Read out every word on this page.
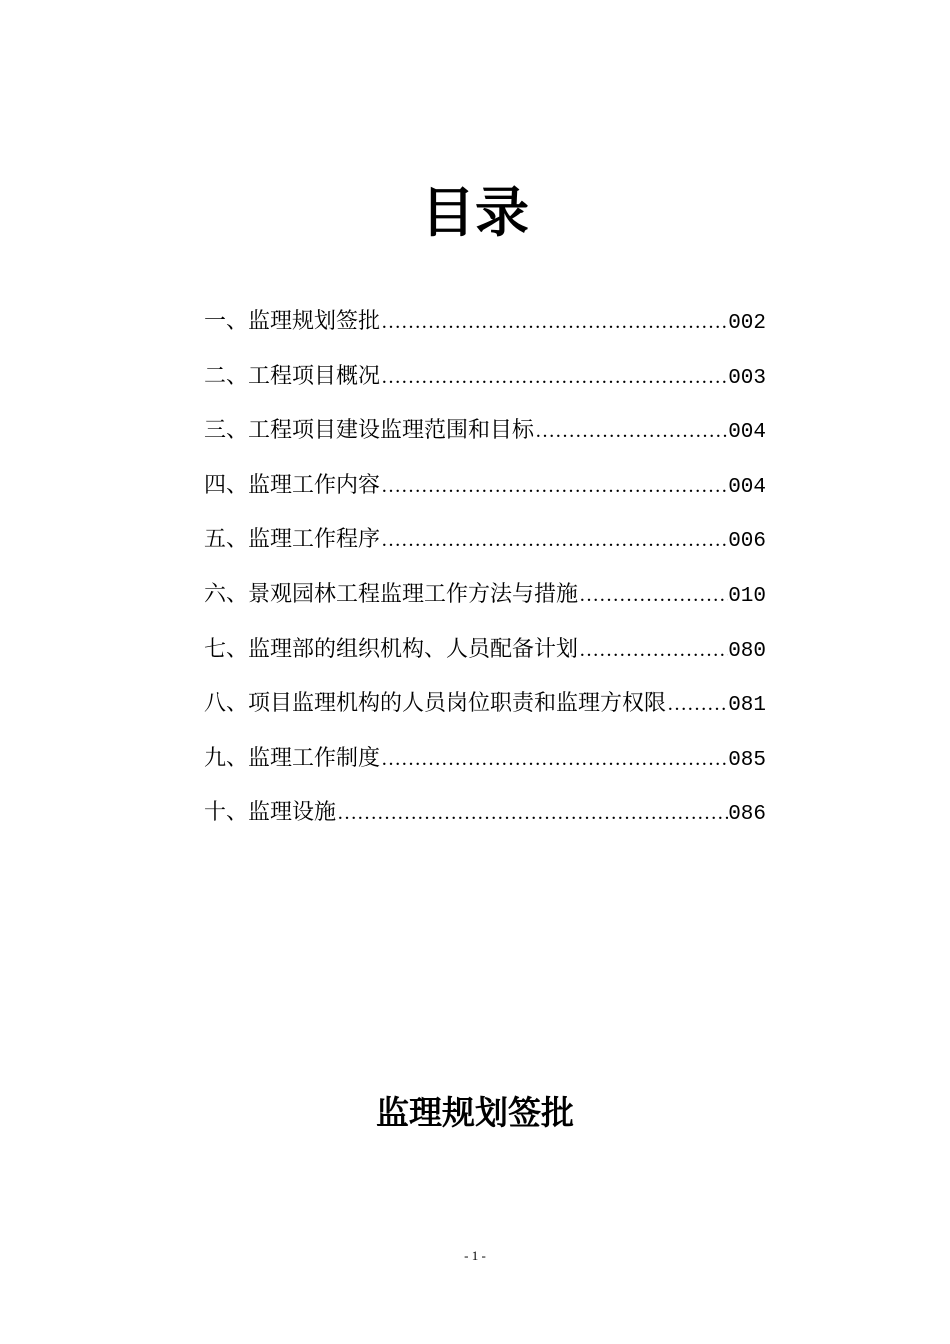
目录
一、 监理规划签批 …………………………………………………………………………………………………………………………	002
二、 工程项目概况 …………………………………………………………………………………………………………………………	003
三、 工程项目建设监理范围和目标 …………………………………………………………………………………………………………………………	004
四、 监理工作内容 …………………………………………………………………………………………………………………………	004
五、 监理工作程序 …………………………………………………………………………………………………………………………	006
六、 景观园林工程监理工作方法与措施 …………………………………………………………………………………………………………………………	010
七、 监理部的组织机构、人员配备计划 …………………………………………………………………………………………………………………………	080
八、 项目监理机构的人员岗位职责和监理方权限 …………………………………………………………………………………………………………………………	081
九、 监理工作制度 …………………………………………………………………………………………………………………………	085
十、 监理设施 …………………………………………………………………………………………………………………………	086
监理规划签批
- 1 -
